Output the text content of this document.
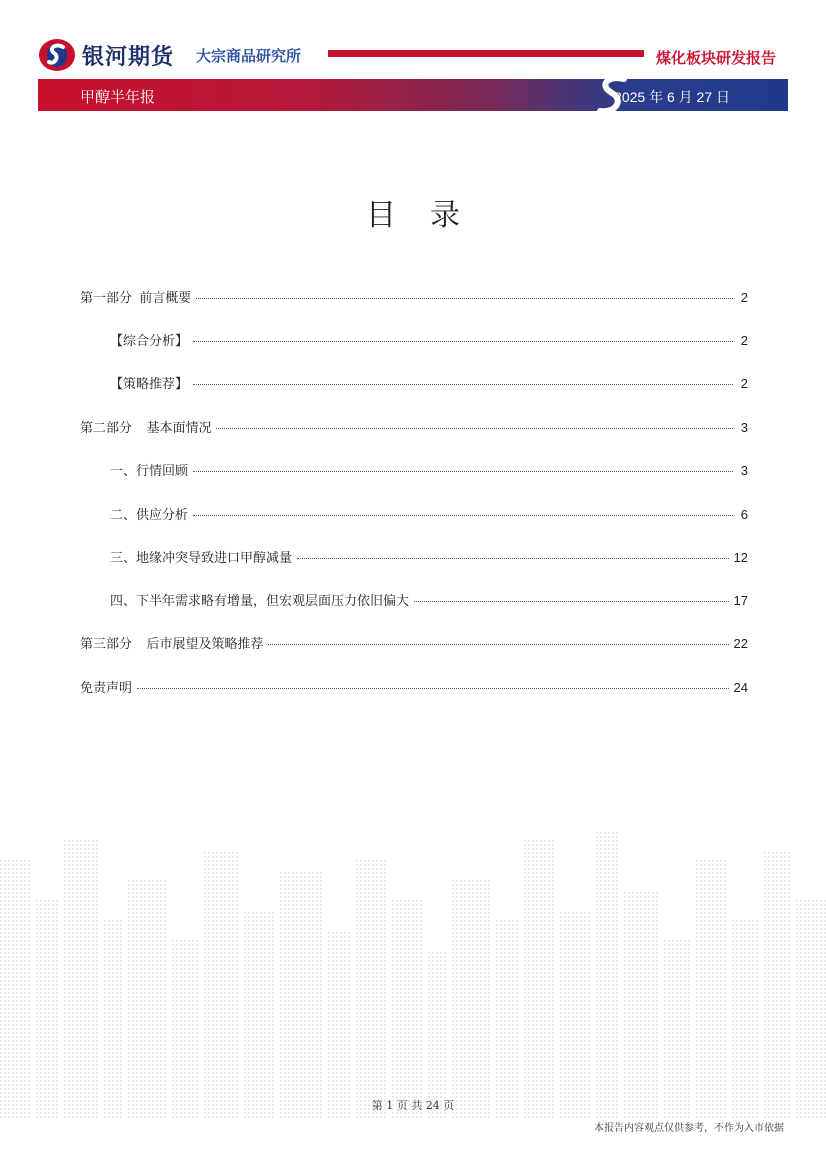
银河期货 大宗商品研究所	煤化板块研发报告
甲醇半年报	2025 年 6 月 27 日
目录
第一部分  前言概要	2
【综合分析】	2
【策略推荐】	2
第二部分    基本面情况	3
一、行情回顾	3
二、供应分析	6
三、地缘冲突导致进口甲醇减量	12
四、下半年需求略有增量，但宏观层面压力依旧偏大	17
第三部分    后市展望及策略推荐	22
免责声明	24
第 1 页 共 24 页
本报告内容观点仅供参考，不作为入市依据
